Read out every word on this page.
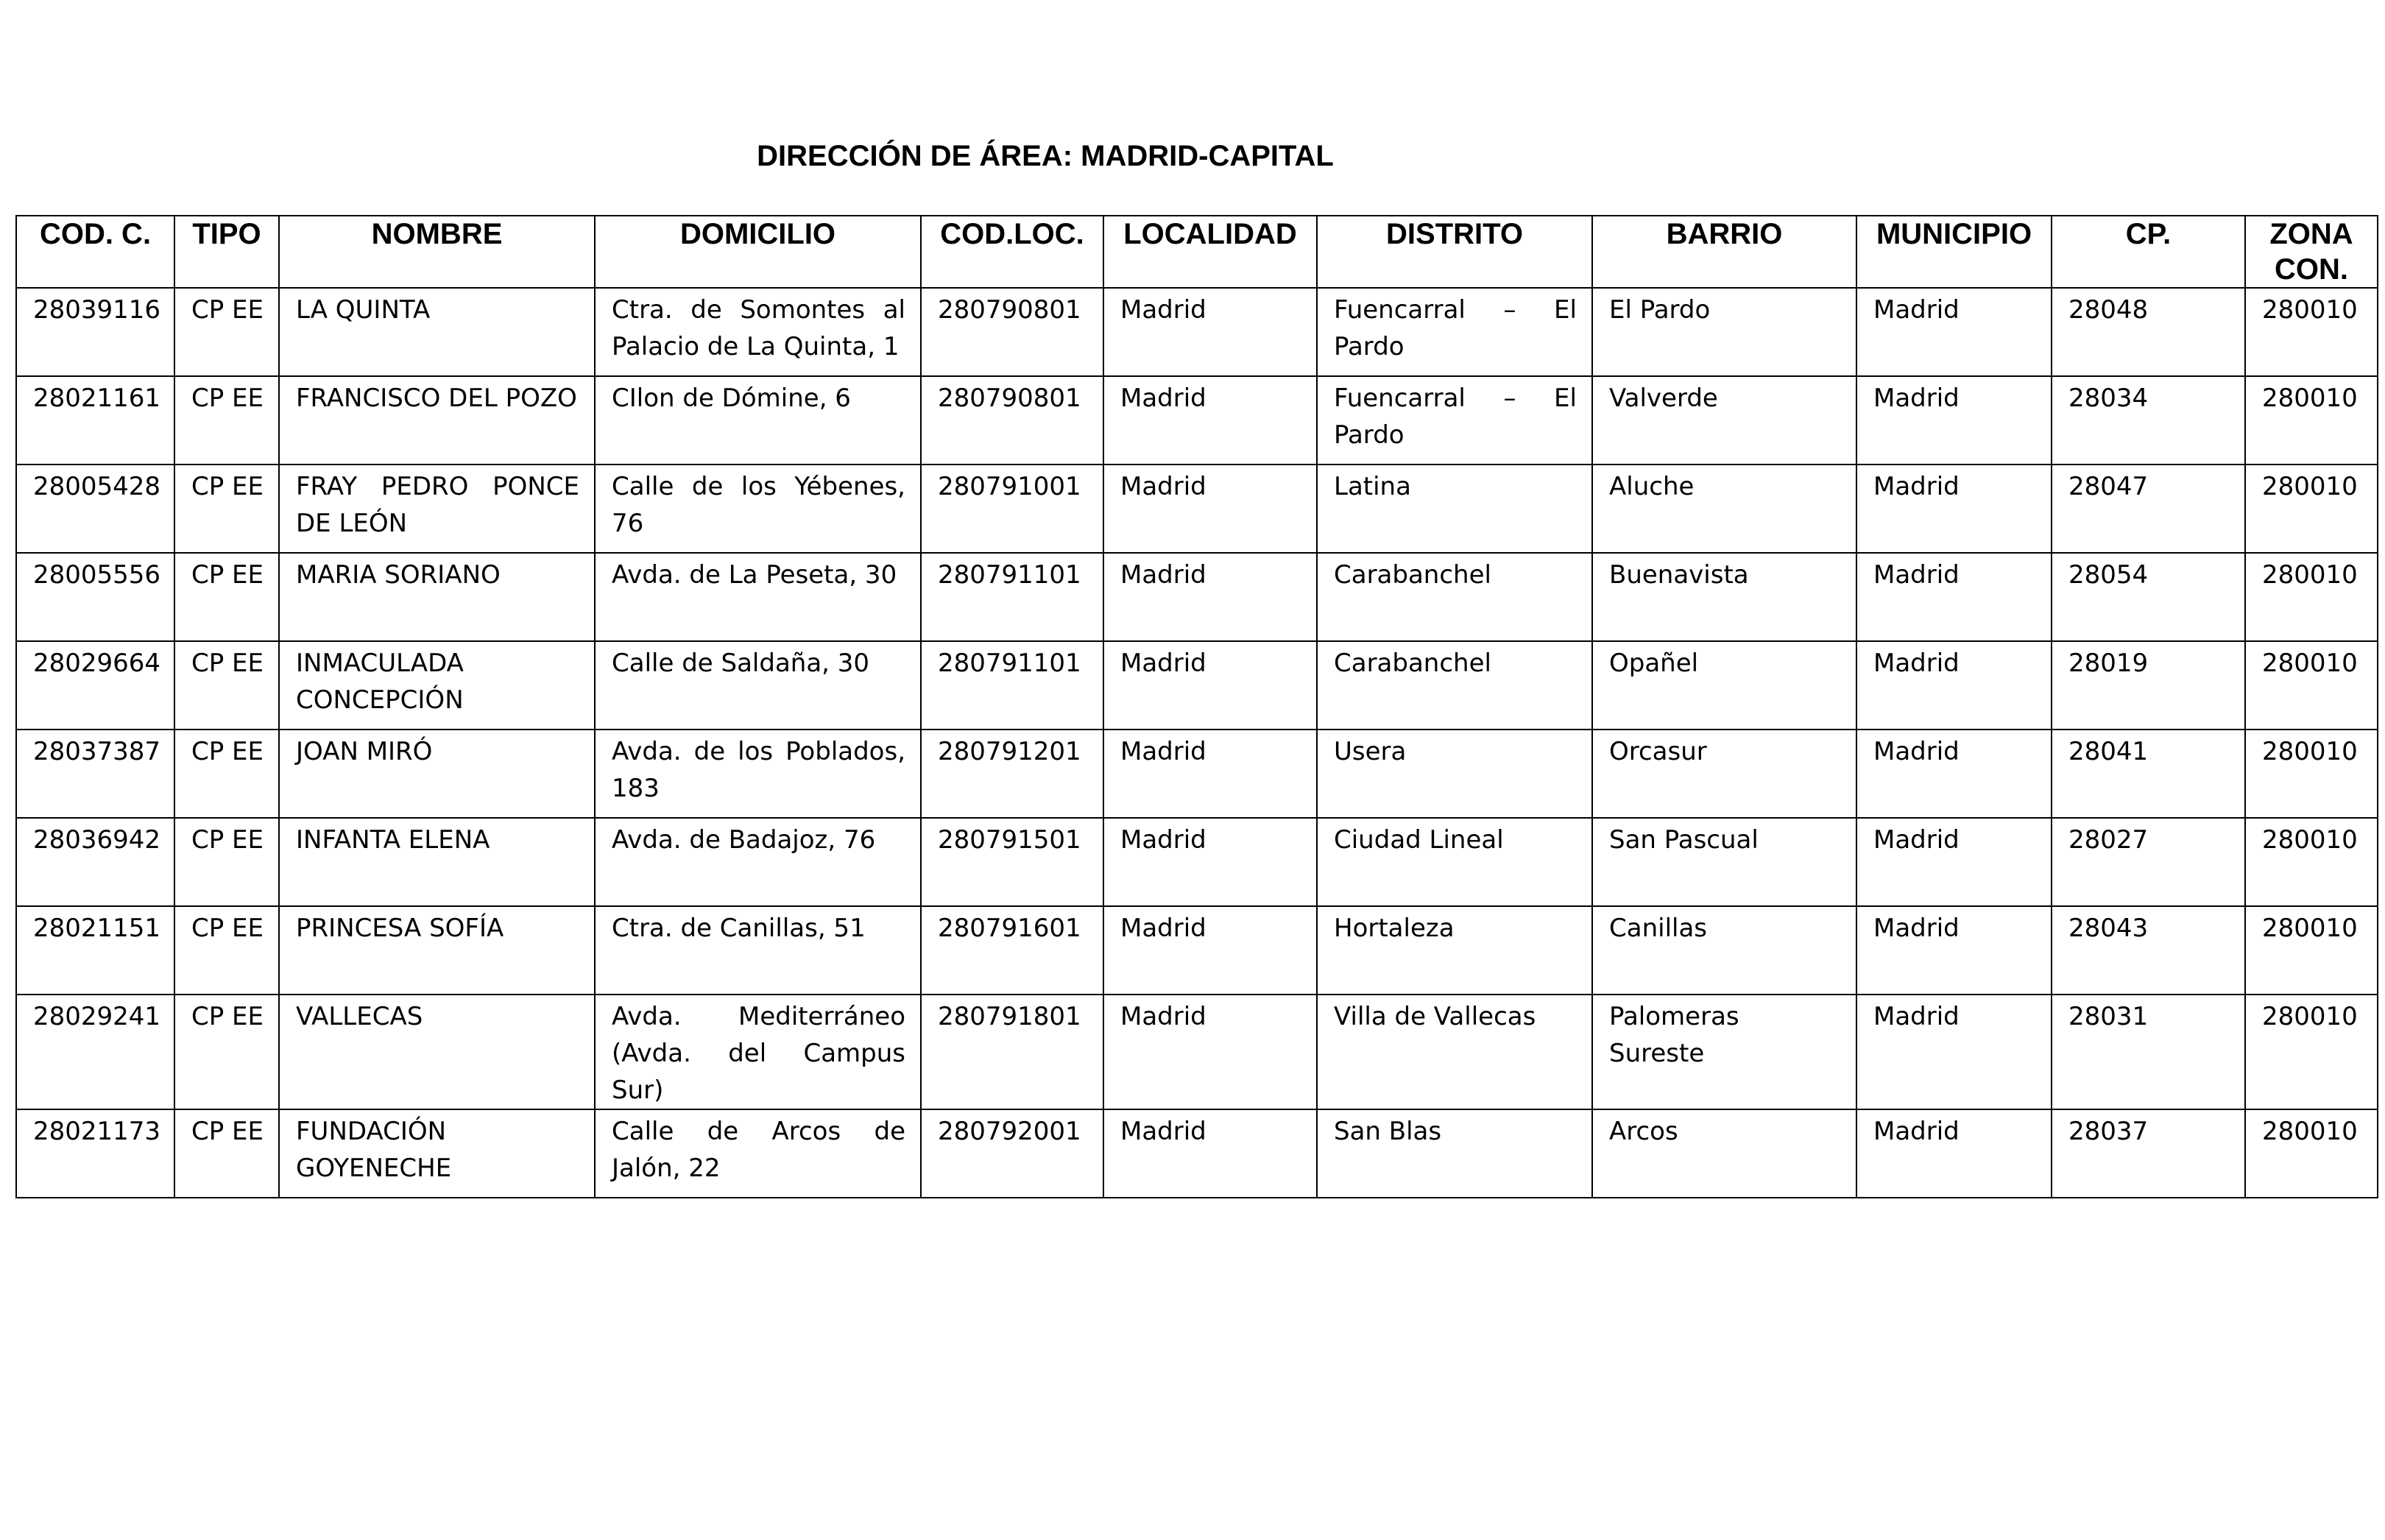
DIRECCIÓN DE ÁREA: MADRID-CAPITAL
COD. C.	TIPO	NOMBRE	DOMICILIO	COD.LOC.	LOCALIDAD	DISTRITO	BARRIO	MUNICIPIO	CP.	ZONA CON.
28039116	CP EE	LA QUINTA	Ctra. de Somontes al Palacio de La Quinta, 1	280790801	Madrid	Fuencarral – El Pardo	El Pardo	Madrid	28048	280010
28021161	CP EE	FRANCISCO DEL POZO	CIlon de Dómine, 6	280790801	Madrid	Fuencarral – El Pardo	Valverde	Madrid	28034	280010
28005428	CP EE	FRAY PEDRO PONCE DE LEÓN	Calle de los Yébenes, 76	280791001	Madrid	Latina	Aluche	Madrid	28047	280010
28005556	CP EE	MARIA SORIANO	Avda. de La Peseta, 30	280791101	Madrid	Carabanchel	Buenavista	Madrid	28054	280010
28029664	CP EE	INMACULADA CONCEPCIÓN	Calle de Saldaña, 30	280791101	Madrid	Carabanchel	Opañel	Madrid	28019	280010
28037387	CP EE	JOAN MIRÓ	Avda. de los Poblados, 183	280791201	Madrid	Usera	Orcasur	Madrid	28041	280010
28036942	CP EE	INFANTA ELENA	Avda. de Badajoz, 76	280791501	Madrid	Ciudad Lineal	San Pascual	Madrid	28027	280010
28021151	CP EE	PRINCESA SOFÍA	Ctra. de Canillas, 51	280791601	Madrid	Hortaleza	Canillas	Madrid	28043	280010
28029241	CP EE	VALLECAS	Avda. Mediterráneo (Avda. del Campus Sur)	280791801	Madrid	Villa de Vallecas	Palomeras Sureste	Madrid	28031	280010
28021173	CP EE	FUNDACIÓN GOYENECHE	Calle de Arcos de Jalón, 22	280792001	Madrid	San Blas	Arcos	Madrid	28037	280010
